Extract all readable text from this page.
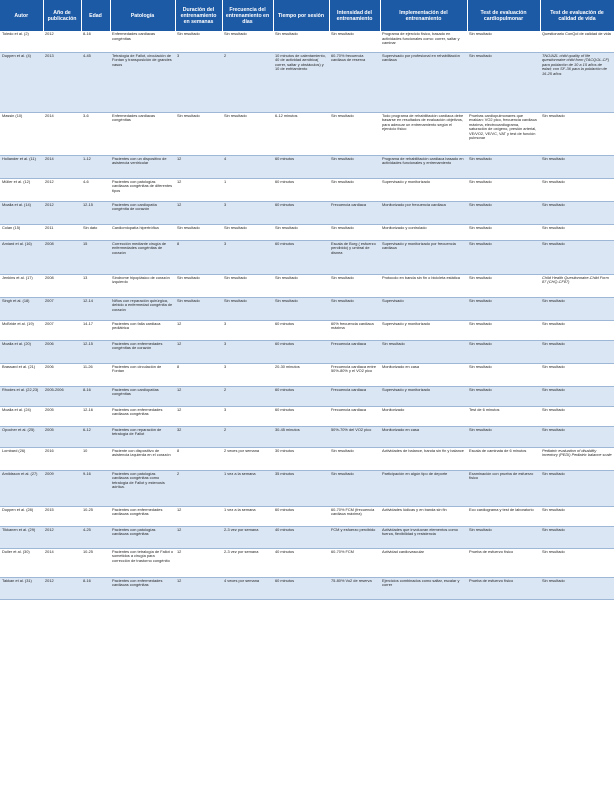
Autor	Año de publicación	Edad	Patología	Duración del entrenamiento en semanas	Frecuencia del entrenamiento en días	Tiempo por sesión	Intensidad del entrenamiento	Implementación del entrenamiento	Test de evaluación cardiopulmonar	Test de evaluación de calidad de vida
Toledo et al. (2)	2012	8-16	Enfermedades cardiacas congénitas	Sin resultado	Sin resultado	Sin resultado	Sin resultado	Programa de ejercicio físico, basado en actividades funcionales como: correr, saltar y caminar	Sin resultado	Questionario ConQol de calidad de vida
Duppen et al. (4)	2013	4-45	Tetralogía de Fallot, circulación de Fontan y transposición de grandes vasos	3	2	10 minutos de calentamiento, 40 de actividad aeróbica( correr, saltar y obstáculos) y 10 de enfriamiento	60-70% frecuencia cardiaca de reserva	Supervisado por profesional en rehabilitación cardiaca	Sin resultado	TNO/AZL child quality of life questionnaire child form (TACQOL-CF) para población de 10 a 15 años de edad; con SF-36 para la población de 16-25 años
Massin (10)	2014	3-6	Enfermedades cardiacas congénitas	Sin resultado	Sin resultado	6-12 minutos	Sin resultado	Todo programa de rehabilitación cardiaca debe basarse en resultados de evaluación objetivos, para adecuar un entrenamiento según el ejercicio físico	Pruebas cardiopulmonares que evalúan: VO2 pico, frecuencia cardiaca máxima, electrocardiograma, saturación de oxígeno, presión arterial, VE/VO2, VE/VC, VAT y test de función pulmonar	Sin resultado
Hollander et al. (11)	2014	1-12	Pacientes con un dispositivo de asistencia ventricular	12	4	60 minutos	Sin resultado	Programa de rehabilitación cardiaca basado en actividades funcionales y entrenamiento	Sin resultado	Sin resultado
Müller et al. (12)	2012	4-6	Pacientes con patologías cardiacas congénitas de diferentes tipos	12	1	60 minutos	Sin resultado	Supervisado y monitorizado	Sin resultado	Sin resultado
Moalla et al. (14)	2012	12-15	Pacientes con cardiopatía congénita de corazón	12	3	60 minutos	Frecuencia cardiaca	Monitorizado por frecuencia cardiaca	Sin resultado	Sin resultado
Colan (15)	2011	Sin dato	Cardiomiopatía hipertrófica	Sin resultado	Sin resultado	Sin resultado	Sin resultado	Monitorizado y controlado	Sin resultado	Sin resultado
Amiard et al. (16)	2008	15	Corrección mediante cirugía de enfermedades congénitas de corazón	8	3	60 minutos	Escala de Borg ( esfuerzo percibido) y umbral de disnea	Supervisado y monitorizado por frecuencia cardiaca	Sin resultado	Sin resultado
Jenkins et al. (17)	2008	13	Síndrome hipoplásico de corazón izquierdo	Sin resultado	Sin resultado	Sin resultado	Sin resultado	Protocolo en banda sin fin o bicicleta estática	Sin resultado	Child Health Questionnaire-Child Form 87 (CHQ-CF87)
Singh et al. (18)	2007	12-14	Niños con reparación quirúrgica, debido a enfermedad congénita de corazón	Sin resultado	Sin resultado	Sin resultado	Sin resultado	Supervisado	Sin resultado	Sin resultado
McBride et al. (19)	2007	14-17	Pacientes con falla cardiaca pediátrica	12	3	60 minutos	60% frecuencia cardiaca máxima	Supervisado y monitorizado	Sin resultado	Sin resultado
Moalla et al. (20)	2006	12-15	Pacientes con enfermedades congénitas de corazón	12	3	60 minutos	Frecuencia cardiaca	Sin resultado	Sin resultado	Sin resultado
Brassard et al. (21)	2006	11-26	Pacientes con circulación de Fontan	8	3	20-30 minutos	Frecuencia cardiaca entre 50%-80% y el VO2 pico	Monitorizado en casa	Sin resultado	Sin resultado
Rhodes et al. (22,23)	2005-2006	8-16	Pacientes con cardiopatías congénitas	12	2	60 minutos	Frecuencia cardiaca	Supervisado y monitorizado	Sin resultado	Sin resultado
Moalla et al. (24)	2005	12-16	Pacientes con enfermedades cardiacas congénitas	12	3	60 minutos	Frecuencia cardiaca	Monitorizado	Test de 6 minutos	Sin resultado
Opocher et al. (25)	2005	6-12	Pacientes con reparación de tetralogía de Fallot	32	2	30-45 minutos	50%-70% del VO2 pico	Monitorizado en casa	Sin resultado	Sin resultado
Lombard (26)	2016	10	Paciente con dispositivo de asistencia izquierda en el corazón	8	2 veces por semana	30 minutos	Sin resultado	Actividades de balance, banda sin fin y balance	Escala de caminata de 6 minutos	Pediatric evaluation of disability inventory (PEDI) Pediatric balance scale
Amildsson et al. (27)	2009	9-16	Pacientes con patologías cardiacas congénitas como tetralogía de Fallot y estenosis aórtica.	2	1 vez a la semana	35 minutos	Sin resultado	Participación en algún tipo de deporte	Examinación con prueba de esfuerzo físico	Sin resultado
Duppen et al. (28)	2015	10-25	Pacientes con enfermedades cardiacas congénitas	12	1 vez a la semana	60 minutos	60-70% FCM (frecuencia cardiaca máxima)	Actividades lúdicas y en banda sin fin	Eco cardiograma y test de laboratorio	Sin resultado
Tikkanen et al. (29)	2012	4-25	Pacientes con patologías cardiacas congénitas	12	2-3 vez por semana	40 minutos	FCM y esfuerzo percibido	Actividades que involucran elementos como fuerza, flexibilidad y resistencia	Sin resultado	Sin resultado
Duller et al. (30)	2014	10-25	Pacientes con tetralogía de Fallot o sometidos a cirugía para corrección de trastorno congénito	12	2-3 vez por semana	40 minutos	60-70% FCM	Actividad cardiovascular	Prueba de esfuerzo físico	Sin resultado
Takkan et al. (31)	2012	8-16	Pacientes con enfermedades cardiacas congénitas	12	4 veces por semana	60 minutos	75-80% Vo2 de reserva	Ejercicios combinados como saltar, escalar y correr	Prueba de esfuerzo físico	Sin resultado
